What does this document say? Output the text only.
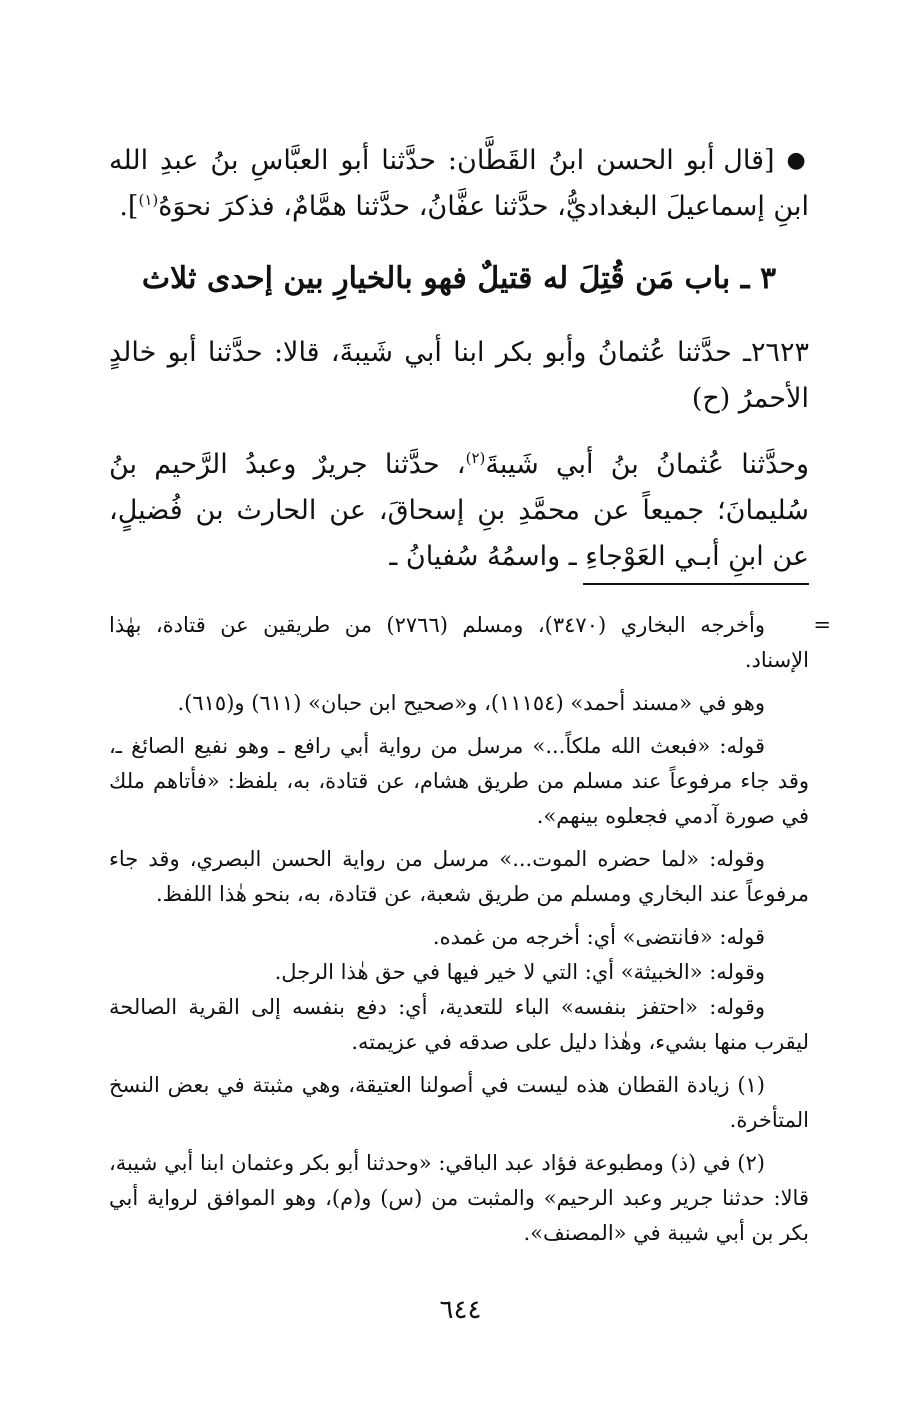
● [قال أبو الحسن ابنُ القَطَّان: حدَّثنا أبو العبَّاسِ بنُ عبدِ الله ابنِ إسماعيلَ البغداديُّ، حدَّثنا عفَّانُ، حدَّثنا همَّامٌ، فذكرَ نحوَهُ$^{(١)}$].

٣ ـ باب مَن قُتِلَ له قتيلٌ فهو بالخيارِ بين إحدى ثلاث

٢٦٢٣ـ حدَّثنا عُثمانُ وأبو بكر ابنا أبي شَيبةَ، قالا: حدَّثنا أبو خالدٍ الأحمرُ (ح)

وحدَّثنا عُثمانُ بنُ أبي شَيبةَ$^{(٢)}$، حدَّثنا جريرٌ وعبدُ الرَّحيم بنُ سُليمانَ؛ جميعاً عن محمَّدِ بنِ إسحاقَ، عن الحارث بن فُضيلٍ، عن ابنِ أبـي العَوْجاءِ ـ واسمُهُ سُفيانُ ـ

=

وأخرجه البخاري (٣٤٧٠)، ومسلم (٢٧٦٦) من طريقين عن قتادة، بهٰذا الإسناد.

وهو في «مسند أحمد» (١١١٥٤)، و«صحيح ابن حبان» (٦١١) و(٦١٥).

قوله: «فبعث الله ملكاً...» مرسل من رواية أبي رافع ـ وهو نفيع الصائغ ـ، وقد جاء مرفوعاً عند مسلم من طريق هشام، عن قتادة، به، بلفظ: «فأتاهم ملك في صورة آدمي فجعلوه بينهم».

وقوله: «لما حضره الموت...» مرسل من رواية الحسن البصري، وقد جاء مرفوعاً عند البخاري ومسلم من طريق شعبة، عن قتادة، به، بنحو هٰذا اللفظ.

قوله: «فانتضى» أي: أخرجه من غمده.

وقوله: «الخبيثة» أي: التي لا خير فيها في حق هٰذا الرجل.

وقوله: «احتفز بنفسه» الباء للتعدية، أي: دفع بنفسه إلى القرية الصالحة ليقرب منها بشيء، وهٰذا دليل على صدقه في عزيمته.

(١) زيادة القطان هذه ليست في أصولنا العتيقة، وهي مثبتة في بعض النسخ المتأخرة.

(٢) في (ذ) ومطبوعة فؤاد عبد الباقي: «وحدثنا أبو بكر وعثمان ابنا أبي شيبة، قالا: حدثنا جرير وعبد الرحيم» والمثبت من (س) و(م)، وهو الموافق لرواية أبي بكر بن أبي شيبة في «المصنف».

٦٤٤
